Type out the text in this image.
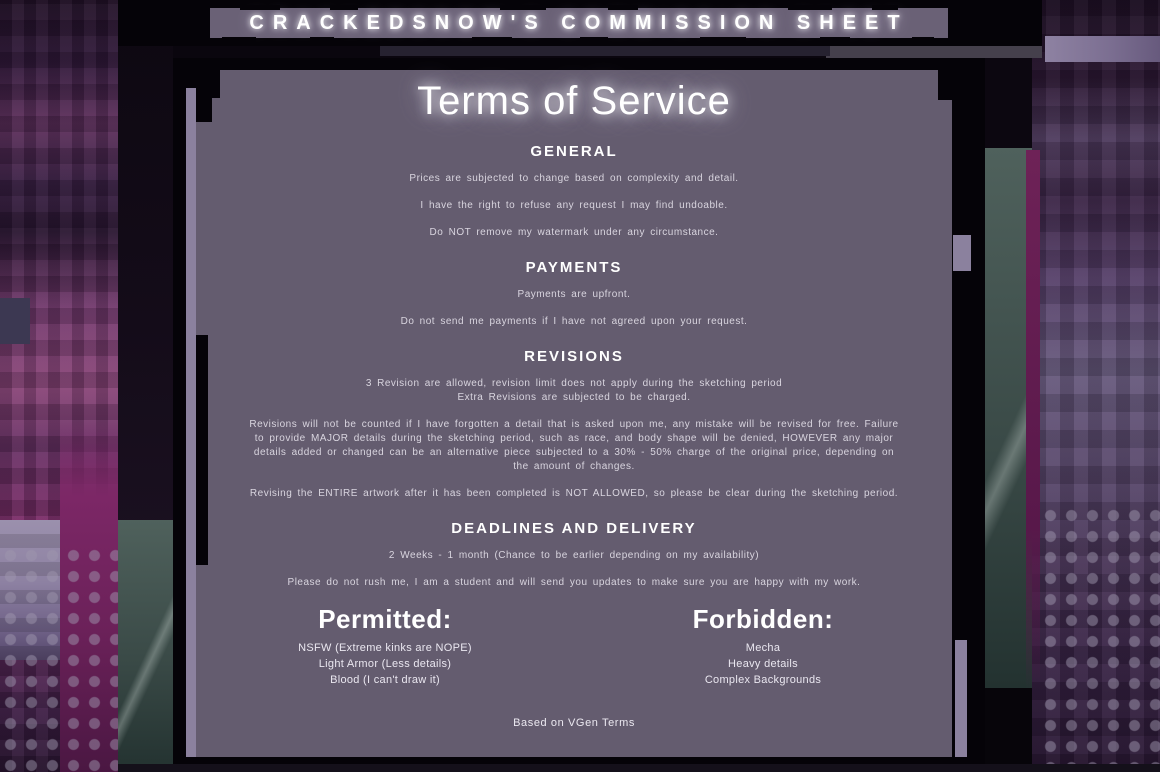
CRACKEDSNOW'S COMMISSION SHEET
Terms of Service
GENERAL

Prices are subjected to change based on complexity and detail.

I have the right to refuse any request I may find undoable.

Do NOT remove my watermark under any circumstance.

PAYMENTS

Payments are upfront.

Do not send me payments if I have not agreed upon your request.

REVISIONS

3 Revision are allowed, revision limit does not apply during the sketching period
Extra Revisions are subjected to be charged.

Revisions will not be counted if I have forgotten a detail that is asked upon me, any mistake will be revised for free. Failure to provide MAJOR details during the sketching period, such as race, and body shape will be denied, HOWEVER any major details added or changed can be an alternative piece subjected to a 30% - 50% charge of the original price, depending on the amount of changes.

Revising the ENTIRE artwork after it has been completed is NOT ALLOWED, so please be clear during the sketching period.

DEADLINES AND DELIVERY

2 Weeks - 1 month (Chance to be earlier depending on my availability)

Please do not rush me, I am a student and will send you updates to make sure you are happy with my work.

Permitted:
NSFW (Extreme kinks are NOPE)
Light Armor (Less details)
Blood (I can't draw it)
Forbidden:
Mecha
Heavy details
Complex Backgrounds
Based on VGen Terms
